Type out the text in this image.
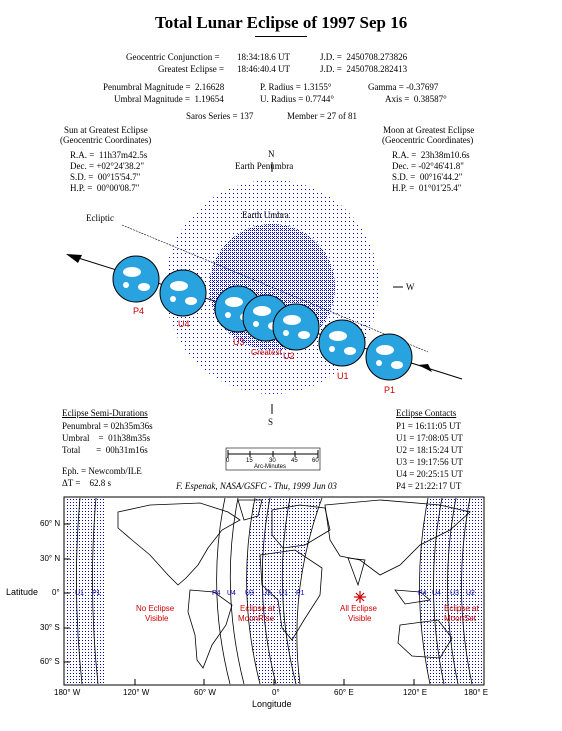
Total Lunar Eclipse of 1997 Sep 16
Geocentric Conjunction = 18:34:18.6 UT	J.D. =  2450708.273826
Greatest Eclipse = 18:46:40.4 UT	J.D. =  2450708.282413
Penumbral Magnitude =  2.16628	P. Radius = 1.3155°	Gamma = -0.37697
Umbral Magnitude =  1.19654	U. Radius = 0.7744°	Axis =  0.38587°
Saros Series = 137	Member = 27 of 81
Sun at Greatest Eclipse
(Geocentric Coordinates)
R.A. =  11h37m42.5s
Dec. = +02°24'38.2"
S.D. =  00°15'54.7"
H.P. =  00°00'08.7"
Moon at Greatest Eclipse
(Geocentric Coordinates)
R.A. =  23h38m10.6s
Dec. = -02°46'41.8"
S.D. =  00°16'44.2"
H.P. =  01°01'25.4"
N
Earth Penumbra
Earth Umbra
Ecliptic
W
S
Greatest
P4
U4
U3
U2
U1
P1
Eclipse Semi-Durations
Penumbral = 02h35m36s
Umbral    =  01h38m35s
Total       =  00h31m16s
Eph. = Newcomb/ILE
ΔT =    62.8 s
0	15	30	45 60
Arc-Minutes
F. Espenak, NASA/GSFC - Thu, 1999 Jun 03
Eclipse Contacts
P1 = 16:11:05 UT
U1 = 17:08:05 UT
U2 = 18:15:24 UT
U3 = 19:17:56 UT
U4 = 20:25:15 UT
P4 = 21:22:17 UT
60° N
30° N
0°
30° S
60° S
Latitude
180° W	120° W	60° W	0°	60° E	120° E	180° E
Longitude
No Eclipse
Visible
Eclipse at
MoonRise
All Eclipse
Visible
Eclipse at
MoonSet
U1 P1	P4 U4 U3 U2 U1 P1	P4 U4 U3 U2
